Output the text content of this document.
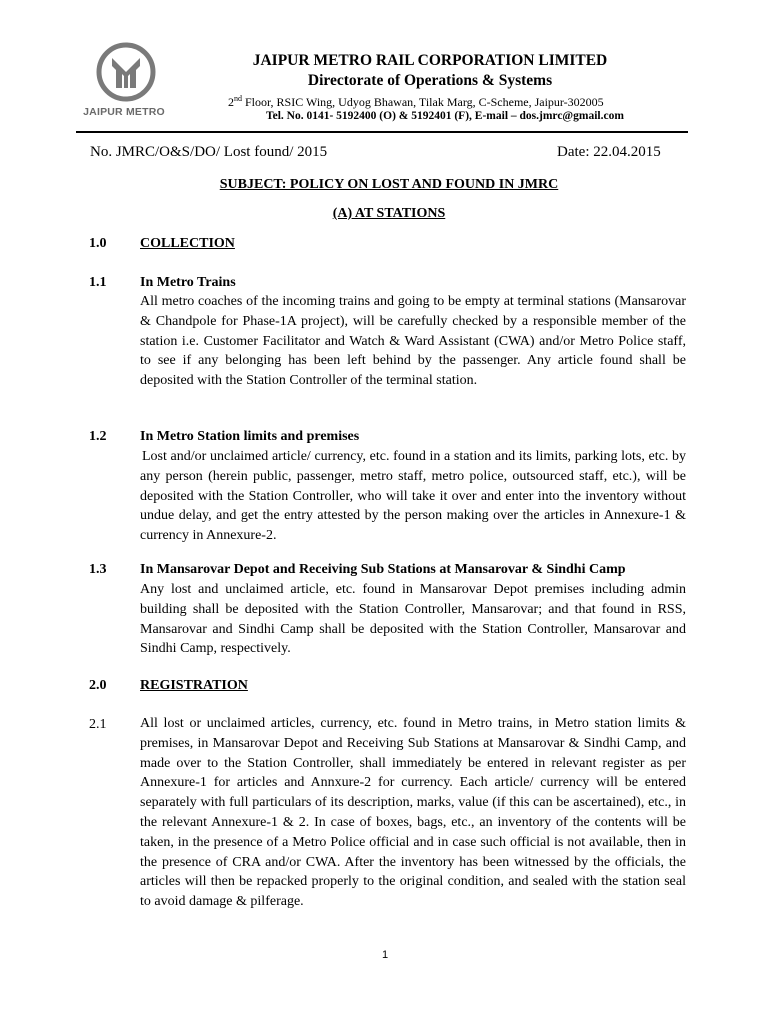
JAIPUR METRO
JAIPUR METRO RAIL CORPORATION LIMITED
Directorate of Operations & Systems
2nd Floor, RSIC Wing, Udyog Bhawan, Tilak Marg, C-Scheme, Jaipur-302005
Tel. No. 0141- 5192400 (O) & 5192401 (F), E-mail – dos.jmrc@gmail.com
No. JMRC/O&S/DO/ Lost found/ 2015	Date: 22.04.2015
SUBJECT: POLICY ON LOST AND FOUND IN JMRC
(A) AT STATIONS
1.0 COLLECTION
1.1 In Metro Trains
All metro coaches of the incoming trains and going to be empty at terminal stations (Mansarovar & Chandpole for Phase-1A project), will be carefully checked by a responsible member of the station i.e. Customer Facilitator and Watch & Ward Assistant (CWA) and/or Metro Police staff, to see if any belonging has been left behind by the passenger. Any article found shall be deposited with the Station Controller of the terminal station.
1.2 In Metro Station limits and premises
Lost and/or unclaimed article/ currency, etc. found in a station and its limits, parking lots, etc. by any person (herein public, passenger, metro staff, metro police, outsourced staff, etc.), will be deposited with the Station Controller, who will take it over and enter into the inventory without undue delay, and get the entry attested by the person making over the articles in Annexure-1 & currency in Annexure-2.
1.3 In Mansarovar Depot and Receiving Sub Stations at Mansarovar & Sindhi Camp
Any lost and unclaimed article, etc. found in Mansarovar Depot premises including admin building shall be deposited with the Station Controller, Mansarovar; and that found in RSS, Mansarovar and Sindhi Camp shall be deposited with the Station Controller, Mansarovar and Sindhi Camp, respectively.
2.0 REGISTRATION
2.1 All lost or unclaimed articles, currency, etc. found in Metro trains, in Metro station limits & premises, in Mansarovar Depot and Receiving Sub Stations at Mansarovar & Sindhi Camp, and made over to the Station Controller, shall immediately be entered in relevant register as per Annexure-1 for articles and Annxure-2 for currency. Each article/ currency will be entered separately with full particulars of its description, marks, value (if this can be ascertained), etc., in the relevant Annexure-1 & 2. In case of boxes, bags, etc., an inventory of the contents will be taken, in the presence of a Metro Police official and in case such official is not available, then in the presence of CRA and/or CWA. After the inventory has been witnessed by the officials, the articles will then be repacked properly to the original condition, and sealed with the station seal to avoid damage & pilferage.
1
